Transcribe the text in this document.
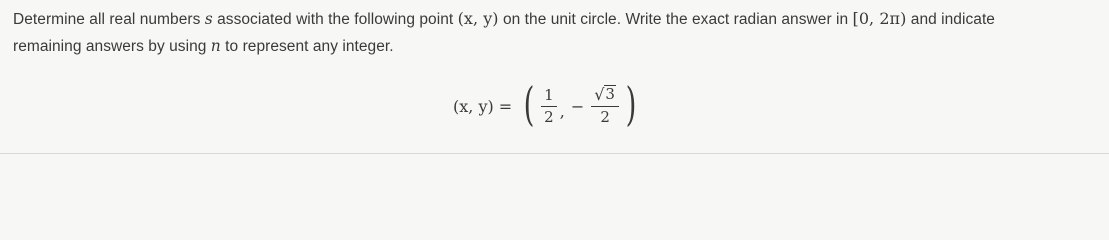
Determine all real numbers s associated with the following point (x, y) on the unit circle. Write the exact radian answer in [0, 2π) and indicate
remaining answers by using n to represent any integer.
(x, y) = ( $\frac{1}{2}$ , − $\frac{√ 3}{2}$ )
